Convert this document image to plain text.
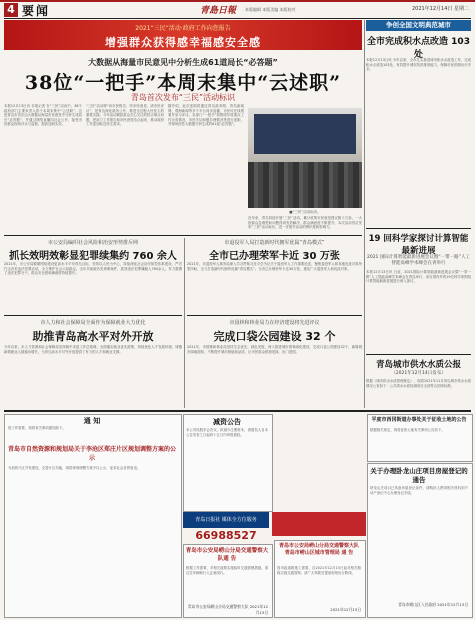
4 要闻	青島日報 本版编辑 本版美编 本版校对	2021年12月14日 星期二
2021“三民”活动·政府工作向您报告
增强群众获得感幸福感安全感
大数据从海量市民意见中分析生成61道局长“必答题”
38位“一把手”本周末集中“云述职”
青岛首次发布“三民”活动标识
本报12月13日讯 本报记者 在“三民”活动中，38个政府部门主要负责人将于本周末集中“云述职”。这是青岛市首次由大数据从海量市民意见中分析生成局长“必答题”，并通过网络直播向社会公开，接受市民群众现场评议与监督，提高述职实效。
“三民”活动即“向市民报告、听市民意见、请市民评议”，是青岛深化政务公开、推进全过程人民民主的重要实践。今年活动紧扣群众关心关注的热点难点问题，把部门工作报告和市民意见结合起来，推动政府工作更加贴近民生需求。
据介绍，此次述职将通过青岛政务网、青岛新闻网、观海新闻等多个平台同步直播，市民可在线观看并参与评议。各部门“一把手”将围绕年度重点工作完成情况、市民关切问题办理情况等进行述职，并现场回答大数据分析生成的61道“必答题”。
■“三民”活动标识。
近年来，青岛持续开展“三民”活动，累计收集市民意见建议数十万条，一大批群众急难愁盼问题得到有效解决，群众满意度不断提升。本次活动首次发布“三民”活动标识，进一步提升活动的辨识度和影响力。
市公安局编织社会风险和治安形势排斥网
抓长效明效彰显犯罪续集约 760 余人
2021年，市公安局紧紧围绕建设更高水平平安青岛目标，坚持以人民为中心，持续深化社会治安防控体系建设，严厉打击各类违法犯罪活动，全力维护社会大局稳定。全年共侦破各类刑事案件，抓获违法犯罪嫌疑人760余人，有力震慑了违法犯罪分子，群众安全感和满意度持续提升。
市人力和社会保障局全面作为保障就业大力优化
助推青岛高水平对外开放
今年以来，市人力资源和社会保障局坚持稳中求进工作总基调，全面落实就业优先政策，持续优化人才发展环境，城镇新增就业人数稳步增长，为青岛高水平对外开放提供了有力的人才和就业支撑。
市退役军人局打造新时代拥军优属“青岛模式”
全市已办理荣军卡近 30 万张
2021年，市退役军人事务局深入学习贯彻习近平总书记关于退役军人工作重要论述，聚焦退役军人和其他优抚对象所思所盼，全力打造新时代拥军优属“青岛模式”。全市已办理荣军卡近30万张，惠及广大退役军人和优抚对象。
市园林和林业局力在经济建设将先进评议
完成口袋公园建设 32 个
2021年，市园林和林业局坚持生态优先、绿色发展，深入推进城市园林绿化建设，完成口袋公园建设32个，新增城市绿地面积，不断提升城市颜值和品质，让市民群众推窗见绿、出门进园。
争创全国文明典范城市
全市完成积水点改造 103 处
本报12月13日讯 今年以来，全市扎实推进城市积水点改造工作，完成积水点改造103处，有效提升城市防汛排涝能力，保障市民汛期出行安全。
19 回科学家探讨计算智能最新进展
2021 国际计算智能最新进展会议暨“一带一路”人工智能高峰学术峰会在青举行
本报12月13日讯 日前，2021国际计算智能最新进展会议暨“一带一路”人工智能高峰学术峰会在青岛举行，来自国内外的19位科学家围绕计算智能最新进展进行深入探讨。
青岛城市供水水质公报
（2021年12月14日发布）
根据《城市供水水质管理规定》，现将2021年11月青岛城市供水水质情况公布如下：公共供水水质检测项目全部符合国家标准。
通 知
因工作需要，现将有关事项通知如下。
青岛市自然资源和规划局关于李沧区郑庄片区规划调整方案的公示
为加快片区开发建设，完善片区功能，现将规划调整方案予以公示，征求社会各界意见。
减资公告
本公司经股东会决议，拟减少注册资本，请债权人自本公告发布之日起四十五日内申报债权。
青岛日报社 媒体全方位服务
66988527
青岛市公安局崂山分局交通警察大队通 告
根据工作需要，对相关道路实施临时交通管理措施，请过往车辆和行人注意绕行。
青岛市公安局崂山分局交通警察大队 2021年12月13日
青岛市公安局崂山分局交通警察大队 青岛市崂山区城市管理局 通 告
因市政道路施工需要，自2021年12月15日起对相关路段实施交通管制，请广大驾驶员提前规划出行路线。
2021年12月13日
平度市西冈街道办事处关于征收土地的公告
根据相关规定，现将征收土地有关事项公告如下。
关于办理卧龙山庄项目房屋登记的通告
卧龙山庄项目已具备房屋登记条件，请购房人携带相关材料到不动产登记中心办理登记手续。
青岛市崂山区人民政府 2021年12月13日
